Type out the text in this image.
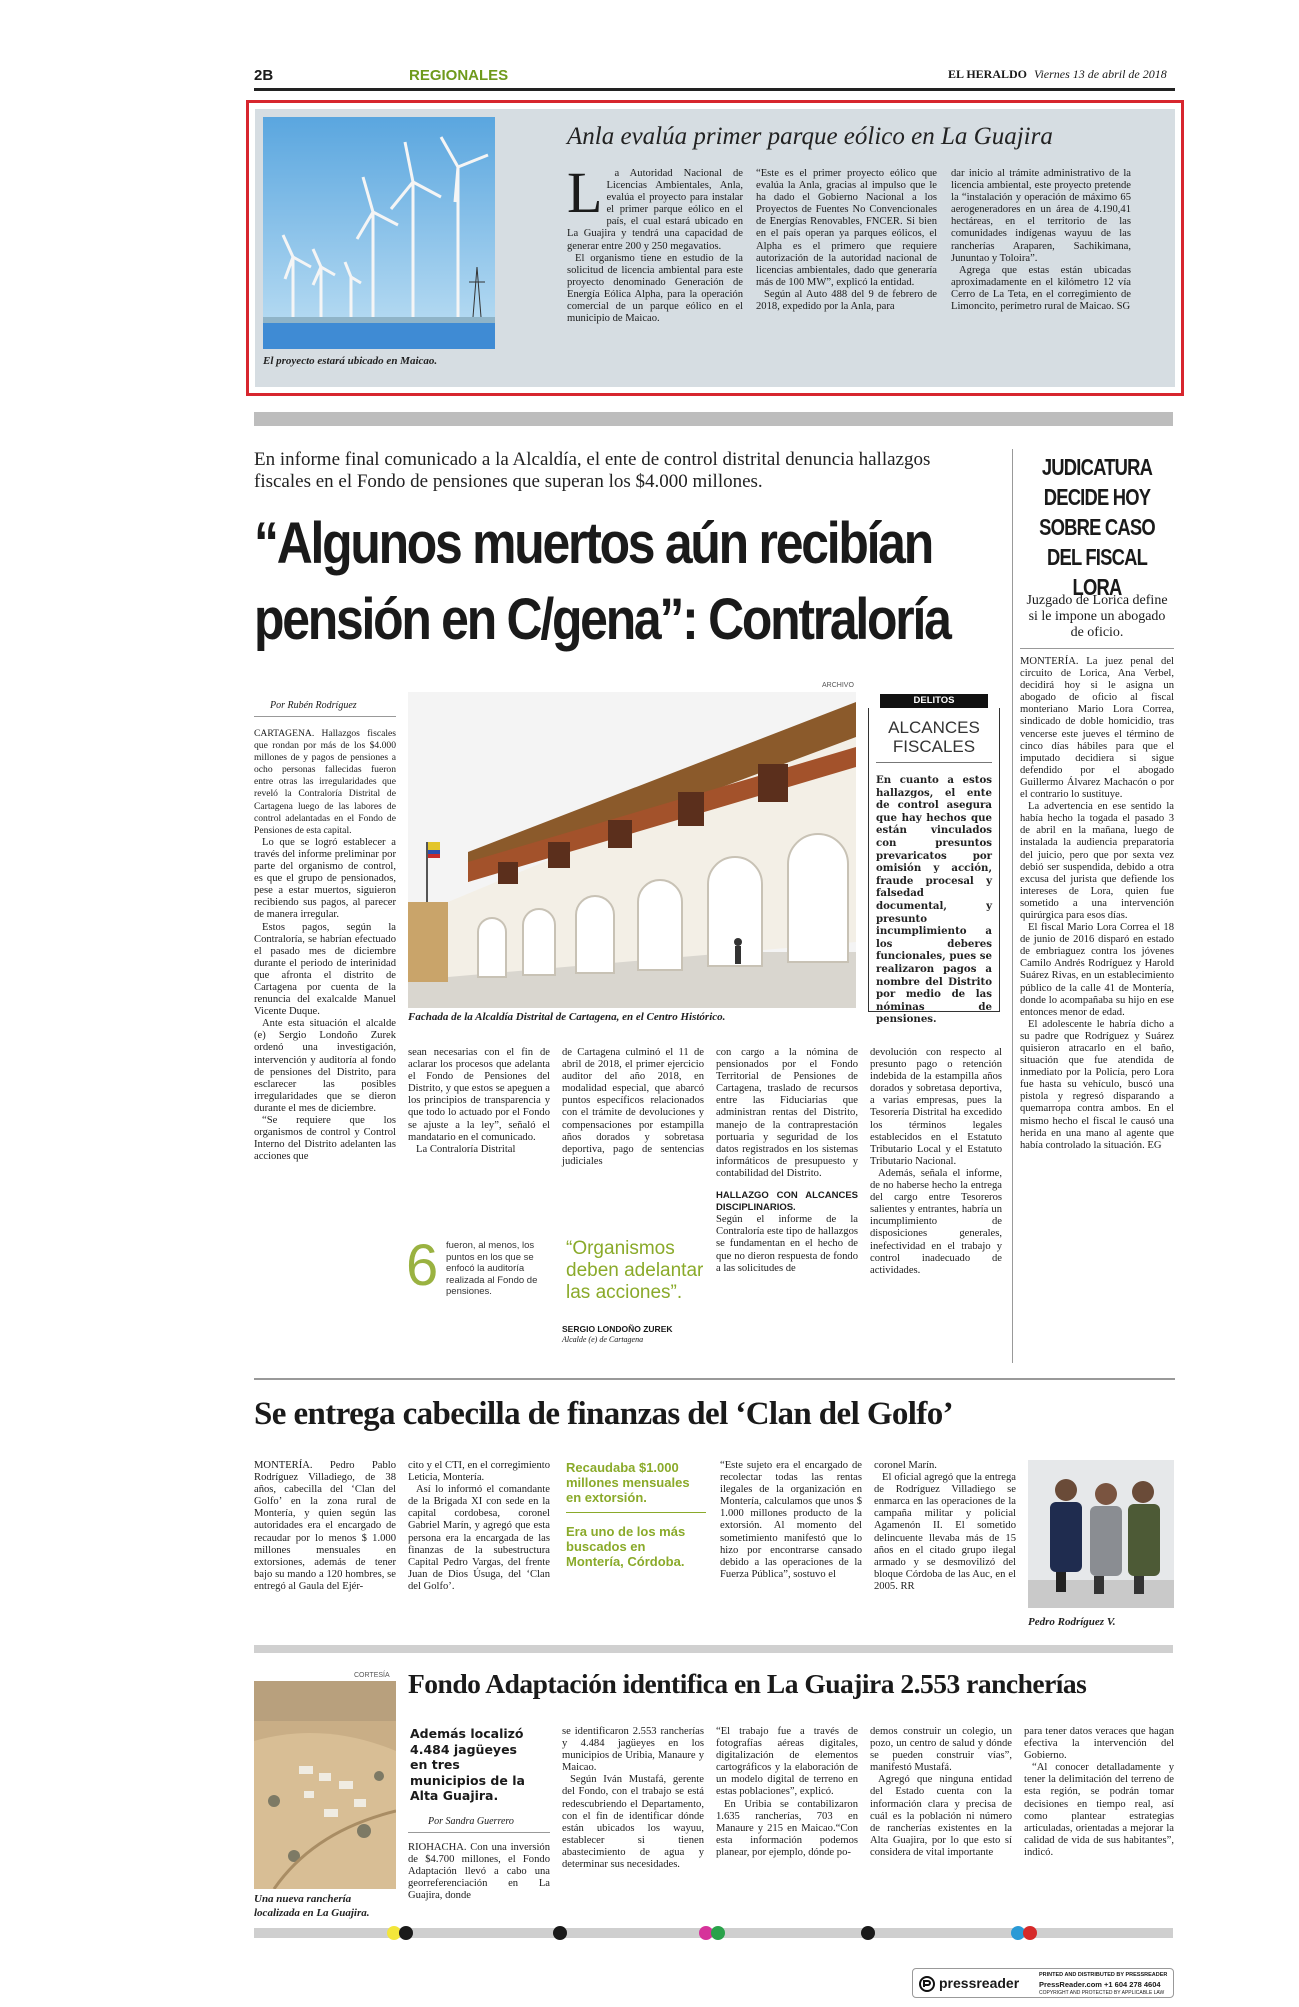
2B	REGIONALES	EL HERALDO Viernes 13 de abril de 2018
El proyecto estará ubicado en Maicao.
Anla evalúa primer parque eólico en La Guajira
L	a Autoridad Nacional de Licencias Ambientales, Anla, evalúa el proyecto para instalar el primer parque eólico en el país, el cual estará ubicado en La Guajira y tendrá una capacidad de generar entre 200 y 250 megavatios.

El organismo tiene en estudio de la solicitud de licencia ambiental para este proyecto denominado Generación de Energía Eólica Alpha, para la operación comercial de un parque eólico en el municipio de Maicao.

“Este es el primer proyecto eólico que evalúa la Anla, gracias al impulso que le ha dado el Gobierno Nacional a los Proyectos de Fuentes No Convencionales de Energías Renovables, FNCER. Si bien en el país operan ya parques eólicos, el Alpha es el primero que requiere autorización de la autoridad nacional de licencias ambientales, dado que generaría más de 100 MW”, explicó la entidad.

Según al Auto 488 del 9 de febrero de 2018, expedido por la Anla, para

dar inicio al trámite administrativo de la licencia ambiental, este proyecto pretende la “instalación y operación de máximo 65 aerogeneradores en un área de 4.190,41 hectáreas, en el territorio de las comunidades indígenas wayuu de las rancherías Araparen, Sachikimana, Jununtao y Toloira”.

Agrega que estas están ubicadas aproximadamente en el kilómetro 12 vía Cerro de La Teta, en el corregimiento de Limoncito, perímetro rural de Maicao. SG

En informe final comunicado a la Alcaldía, el ente de control distrital denuncia hallazgos fiscales en el Fondo de pensiones que superan los $4.000 millones.
“Algunos muertos aún recibían
pensión en C/gena”: Contraloría
Por Rubén Rodríguez

CARTAGENA. Hallazgos fiscales que rondan por más de los $4.000 millones de y pagos de pensiones a ocho personas fallecidas fueron entre otras las irregularidades que reveló la Contraloría Distrital de Cartagena luego de las labores de control adelantadas en el Fondo de Pensiones de esta capital.

Lo que se logró establecer a través del informe preliminar por parte del organismo de control, es que el grupo de pensionados, pese a estar muertos, siguieron recibiendo sus pagos, al parecer de manera irregular.

Estos pagos, según la Contraloría, se habrían efectuado el pasado mes de diciembre durante el periodo de interinidad que afronta el distrito de Cartagena por cuenta de la renuncia del exalcalde Manuel Vicente Duque.

Ante esta situación el alcalde (e) Sergio Londoño Zurek ordenó una investigación, intervención y auditoría al fondo de pensiones del Distrito, para esclarecer las posibles irregularidades que se dieron durante el mes de diciembre.

“Se requiere que los organismos de control y Control Interno del Distrito adelanten las acciones que

ARCHIVO
Fachada de la Alcaldía Distrital de Cartagena, en el Centro Histórico.
DELITOS
ALCANCES FISCALES
En cuanto a estos hallazgos, el ente de control asegura que hay hechos que están vinculados con presuntos prevaricatos por omisión y acción, fraude procesal y falsedad documental, y presunto incumplimiento a los deberes funcionales, pues se realizaron pagos a nombre del Distrito por medio de las nóminas de pensiones.

sean necesarias con el fin de aclarar los procesos que adelanta el Fondo de Pensiones del Distrito, y que estos se apeguen a los principios de transparencia y que todo lo actuado por el Fondo se ajuste a la ley”, señaló el mandatario en el comunicado.

La Contraloría Distrital

de Cartagena culminó el 11 de abril de 2018, el primer ejercicio auditor del año 2018, en modalidad especial, que abarcó puntos específicos relacionados con el trámite de devoluciones y compensaciones por estampilla años dorados y sobretasa deportiva, pago de sentencias judiciales

con cargo a la nómina de pensionados por el Fondo Territorial de Pensiones de Cartagena, traslado de recursos entre las Fiduciarias que administran rentas del Distrito, manejo de la contraprestación portuaria y seguridad de los datos registrados en los sistemas informáticos de presupuesto y contabilidad del Distrito.

HALLAZGO CON ALCANCES DISCIPLINARIOS.

Según el informe de la Contraloría este tipo de hallazgos se fundamentan en el hecho de que no dieron respuesta de fondo a las solicitudes de

devolución con respecto al presunto pago o retención indebida de la estampilla años dorados y sobretasa deportiva, a varias empresas, pues la Tesorería Distrital ha excedido los términos legales establecidos en el Estatuto Tributario Local y el Estatuto Tributario Nacional.

Además, señala el informe, de no haberse hecho la entrega del cargo entre Tesoreros salientes y entrantes, habría un incumplimiento de disposiciones generales, inefectividad en el trabajo y control inadecuado de actividades.

6 fueron, al menos, los puntos en los que se enfocó la auditoría realizada al Fondo de pensiones.
“Organismos deben adelantar las acciones”.
SERGIO LONDOÑO ZUREK
Alcalde (e) de Cartagena
JUDICATURA DECIDE HOY SOBRE CASO DEL FISCAL LORA
Juzgado de Lorica define si le impone un abogado de oficio.

MONTERÍA. La juez penal del circuito de Lorica, Ana Verbel, decidirá hoy si le asigna un abogado de oficio al fiscal monteriano Mario Lora Correa, sindicado de doble homicidio, tras vencerse este jueves el término de cinco días hábiles para que el imputado decidiera si sigue defendido por el abogado Guillermo Álvarez Machacón o por el contrario lo sustituye.

La advertencia en ese sentido la había hecho la togada el pasado 3 de abril en la mañana, luego de instalada la audiencia preparatoria del juicio, pero que por sexta vez debió ser suspendida, debido a otra excusa del jurista que defiende los intereses de Lora, quien fue sometido a una intervención quirúrgica para esos días.

El fiscal Mario Lora Correa el 18 de junio de 2016 disparó en estado de embriaguez contra los jóvenes Camilo Andrés Rodríguez y Harold Suárez Rivas, en un establecimiento público de la calle 41 de Montería, donde lo acompañaba su hijo en ese entonces menor de edad.

El adolescente le habría dicho a su padre que Rodríguez y Suárez quisieron atracarlo en el baño, situación que fue atendida de inmediato por la Policía, pero Lora fue hasta su vehículo, buscó una pistola y regresó disparando a quemarropa contra ambos. En el mismo hecho el fiscal le causó una herida en una mano al agente que había controlado la situación. EG

Se entrega cabecilla de finanzas del ‘Clan del Golfo’

MONTERÍA. Pedro Pablo Rodríguez Villadiego, de 38 años, cabecilla del ‘Clan del Golfo’ en la zona rural de Montería, y quien según las autoridades era el encargado de recaudar por lo menos $ 1.000 millones mensuales en extorsiones, además de tener bajo su mando a 120 hombres, se entregó al Gaula del Ejér-

cito y el CTI, en el corregimiento Leticia, Montería.

Así lo informó el comandante de la Brigada XI con sede en la capital cordobesa, coronel Gabriel Marín, y agregó que esta persona era la encargada de las finanzas de la subestructura Capital Pedro Vargas, del frente Juan de Dios Úsuga, del ‘Clan del Golfo’.

Recaudaba $1.000 millones mensuales en extorsión.
Era uno de los más buscados en Montería, Córdoba.

“Este sujeto era el encargado de recolectar todas las rentas ilegales de la organización en Montería, calculamos que unos $ 1.000 millones producto de la extorsión. Al momento del sometimiento manifestó que lo hizo por encontrarse cansado debido a las operaciones de la Fuerza Pública”, sostuvo el

coronel Marín.

El oficial agregó que la entrega de Rodríguez Villadiego se enmarca en las operaciones de la campaña militar y policial Agamenón II. El sometido delincuente llevaba más de 15 años en el citado grupo ilegal armado y se desmovilizó del bloque Córdoba de las Auc, en el 2005. RR

Pedro Rodríguez V.
CORTESÍA
Una nueva ranchería localizada en La Guajira.
Fondo Adaptación identifica en La Guajira 2.553 rancherías
Además localizó 4.484 jagüeyes en tres municipios de la Alta Guajira.
Por Sandra Guerrero

RIOHACHA. Con una inversión de $4.700 millones, el Fondo Adaptación llevó a cabo una georreferenciación en La Guajira, donde

se identificaron 2.553 rancherías y 4.484 jagüeyes en los municipios de Uribia, Manaure y Maicao.

Según Iván Mustafá, gerente del Fondo, con el trabajo se está redescubriendo el Departamento, con el fin de identificar dónde están ubicados los wayuu, establecer si tienen abastecimiento de agua y determinar sus necesidades.

“El trabajo fue a través de fotografías aéreas digitales, digitalización de elementos cartográficos y la elaboración de un modelo digital de terreno en estas poblaciones”, explicó.

En Uribia se contabilizaron 1.635 rancherías, 703 en Manaure y 215 en Maicao.“Con esta información podemos planear, por ejemplo, dónde po-

demos construir un colegio, un pozo, un centro de salud y dónde se pueden construir vías”, manifestó Mustafá.

Agregó que ninguna entidad del Estado cuenta con la información clara y precisa de cuál es la población ni número de rancherías existentes en la Alta Guajira, por lo que esto sí considera de vital importante

para tener datos veraces que hagan efectiva la intervención del Gobierno.

“Al conocer detalladamente y tener la delimitación del terreno de esta región, se podrán tomar decisiones en tiempo real, así como plantear estrategias articuladas, orientadas a mejorar la calidad de vida de sus habitantes”, indicó.

pressreader	PRINTED AND DISTRIBUTED BY PRESSREADER
PressReader.com +1 604 278 4604
COPYRIGHT AND PROTECTED BY APPLICABLE LAW
